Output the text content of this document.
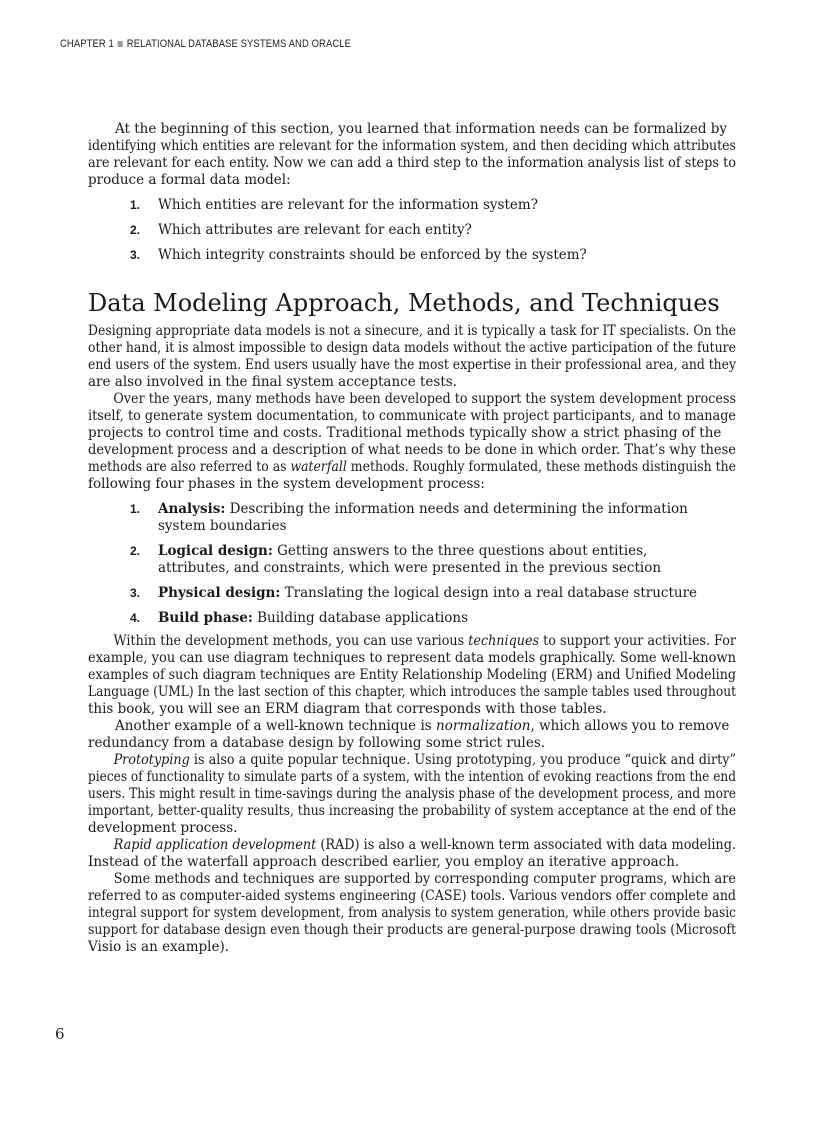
CHAPTER 1 RELATIONAL DATABASE SYSTEMS AND ORACLE

At the beginning of this section, you learned that information needs can be formalized by
identifying which entities are relevant for the information system, and then deciding which attributes
are relevant for each entity. Now we can add a third step to the information analysis list of steps to
produce a formal data model:

1. Which entities are relevant for the information system?
2. Which attributes are relevant for each entity?
3. Which integrity constraints should be enforced by the system?
Data Modeling Approach, Methods, and Techniques

Designing appropriate data models is not a sinecure, and it is typically a task for IT specialists. On the
other hand, it is almost impossible to design data models without the active participation of the future
end users of the system. End users usually have the most expertise in their professional area, and they
are also involved in the final system acceptance tests.

Over the years, many methods have been developed to support the system development process
itself, to generate system documentation, to communicate with project participants, and to manage
projects to control time and costs. Traditional methods typically show a strict phasing of the
development process and a description of what needs to be done in which order. That’s why these
methods are also referred to as waterfall methods. Roughly formulated, these methods distinguish the
following four phases in the system development process:

1. Analysis: Describing the information needs and determining the information
system boundaries
2. Logical design: Getting answers to the three questions about entities,
attributes, and constraints, which were presented in the previous section
3. Physical design: Translating the logical design into a real database structure
4. Build phase: Building database applications

Within the development methods, you can use various techniques to support your activities. For
example, you can use diagram techniques to represent data models graphically. Some well-known
examples of such diagram techniques are Entity Relationship Modeling (ERM) and Unified Modeling
Language (UML) In the last section of this chapter, which introduces the sample tables used throughout
this book, you will see an ERM diagram that corresponds with those tables.

Another example of a well-known technique is normalization, which allows you to remove
redundancy from a database design by following some strict rules.

Prototyping is also a quite popular technique. Using prototyping, you produce “quick and dirty”
pieces of functionality to simulate parts of a system, with the intention of evoking reactions from the end
users. This might result in time-savings during the analysis phase of the development process, and more
important, better-quality results, thus increasing the probability of system acceptance at the end of the
development process.

Rapid application development (RAD) is also a well-known term associated with data modeling.
Instead of the waterfall approach described earlier, you employ an iterative approach.

Some methods and techniques are supported by corresponding computer programs, which are
referred to as computer-aided systems engineering (CASE) tools. Various vendors offer complete and
integral support for system development, from analysis to system generation, while others provide basic
support for database design even though their products are general-purpose drawing tools (Microsoft
Visio is an example).

6
